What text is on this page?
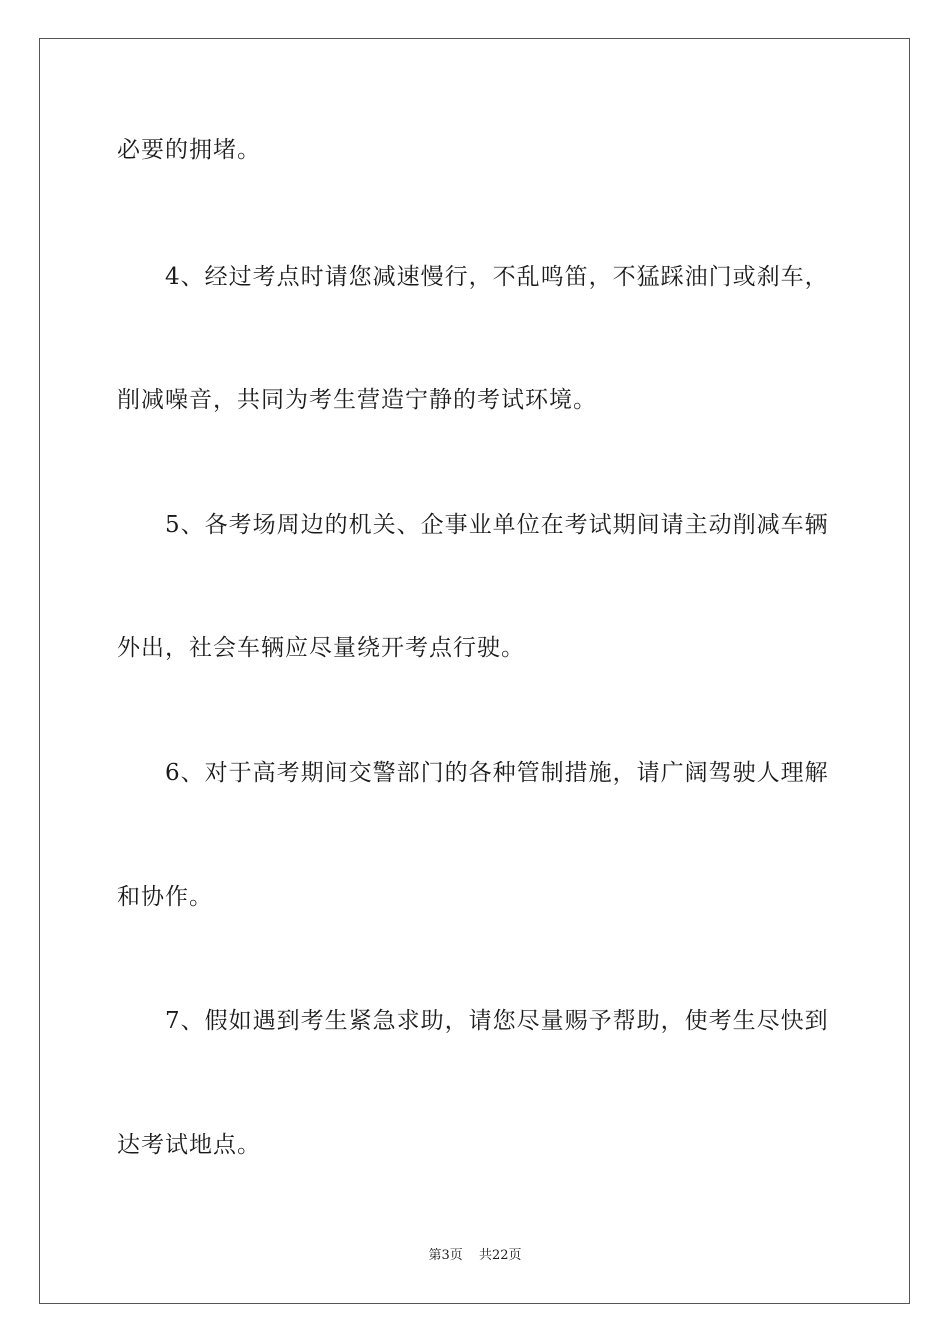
必要的拥堵。
4、经过考点时请您减速慢行，不乱鸣笛，不猛踩油门或刹车，
削减噪音，共同为考生营造宁静的考试环境。
5、各考场周边的机关、企事业单位在考试期间请主动削减车辆
外出，社会车辆应尽量绕开考点行驶。
6、对于高考期间交警部门的各种管制措施，请广阔驾驶人理解
和协作。
7、假如遇到考生紧急求助，请您尽量赐予帮助，使考生尽快到
达考试地点。
第3页 共22页
